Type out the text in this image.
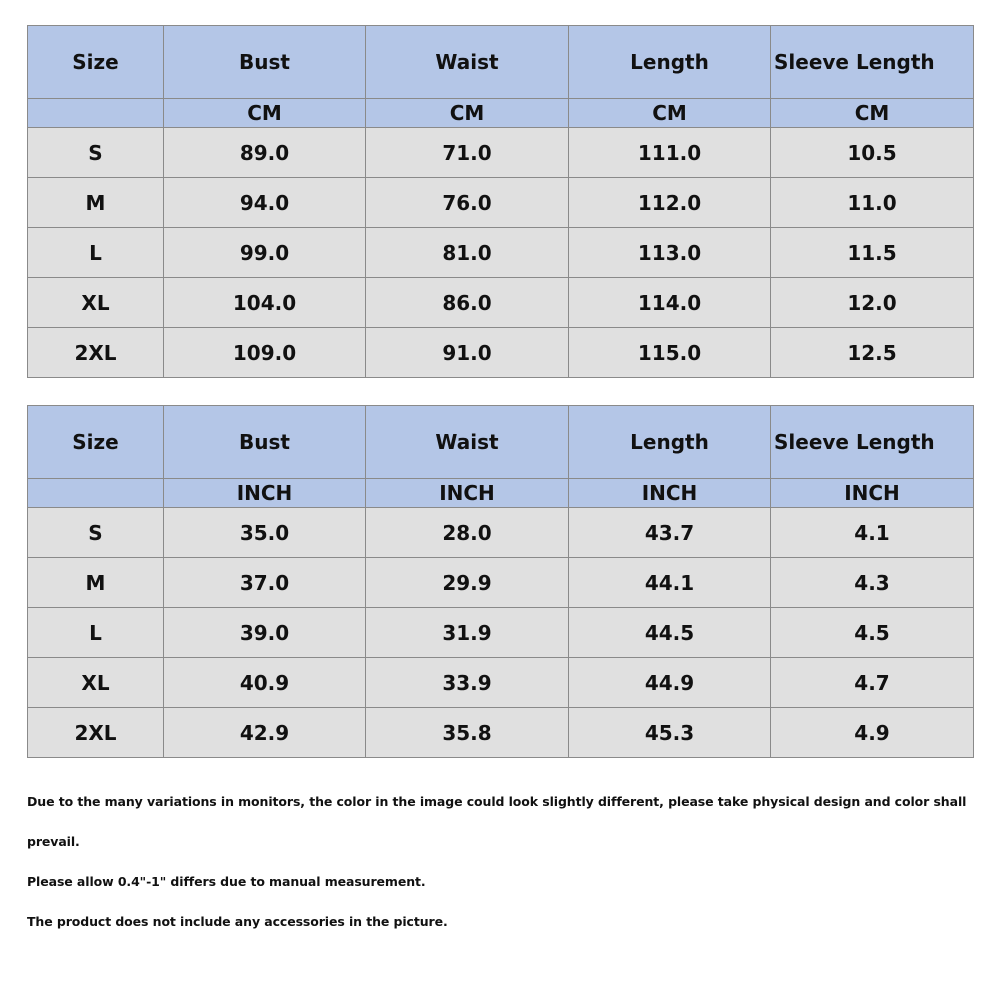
Size	Bust	Waist	Length	Sleeve Length
	CM	CM	CM	CM
S	89.0	71.0	111.0	10.5
M	94.0	76.0	112.0	11.0
L	99.0	81.0	113.0	11.5
XL	104.0	86.0	114.0	12.0
2XL	109.0	91.0	115.0	12.5
Size	Bust	Waist	Length	Sleeve Length
	INCH	INCH	INCH	INCH
S	35.0	28.0	43.7	4.1
M	37.0	29.9	44.1	4.3
L	39.0	31.9	44.5	4.5
XL	40.9	33.9	44.9	4.7
2XL	42.9	35.8	45.3	4.9

Due to the many variations in monitors, the color in the image could look slightly different, please take physical design and color shall

prevail.

Please allow 0.4"-1" differs due to manual measurement.

The product does not include any accessories in the picture.
